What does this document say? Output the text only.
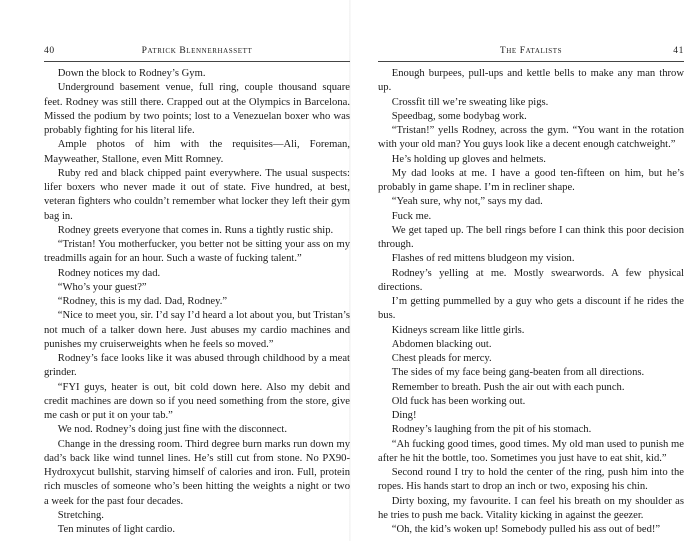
40	Patrick Blennerhassett

Down the block to Rodney’s Gym.

Underground basement venue, full ring, couple thousand square feet. Rodney was still there. Crapped out at the Olympics in Barcelona. Missed the podium by two points; lost to a Venezuelan boxer who was probably fighting for his literal life.

Ample photos of him with the requisites—Ali, Foreman, Mayweather, Stallone, even Mitt Romney.

Ruby red and black chipped paint everywhere. The usual suspects: lifer boxers who never made it out of state. Five hundred, at best, veteran fighters who couldn’t remember what locker they left their gym bag in.

Rodney greets everyone that comes in. Runs a tightly rustic ship.

“Tristan! You motherfucker, you better not be sitting your ass on my treadmills again for an hour. Such a waste of fucking talent.”

Rodney notices my dad.

“Who’s your guest?”

“Rodney, this is my dad. Dad, Rodney.”

“Nice to meet you, sir. I’d say I’d heard a lot about you, but Tristan’s not much of a talker down here. Just abuses my cardio machines and punishes my cruiserweights when he feels so moved.”

Rodney’s face looks like it was abused through childhood by a meat grinder.

“FYI guys, heater is out, bit cold down here. Also my debit and credit machines are down so if you need something from the store, give me cash or put it on your tab.”

We nod. Rodney’s doing just fine with the disconnect.

Change in the dressing room. Third degree burn marks run down my dad’s back like wind tunnel lines. He’s still cut from stone. No PX90-Hydroxycut bullshit, starving himself of calories and iron. Full, protein rich muscles of someone who’s been hitting the weights a night or two a week for the past four decades.

Stretching.

Ten minutes of light cardio.

The Fatalists	41

Enough burpees, pull-ups and kettle bells to make any man throw up.

Crossfit till we’re sweating like pigs.

Speedbag, some bodybag work.

“Tristan!” yells Rodney, across the gym. “You want in the rotation with your old man? You guys look like a decent enough catchweight.”

He’s holding up gloves and helmets.

My dad looks at me. I have a good ten-fifteen on him, but he’s probably in game shape. I’m in recliner shape.

“Yeah sure, why not,” says my dad.

Fuck me.

We get taped up. The bell rings before I can think this poor decision through.

Flashes of red mittens bludgeon my vision.

Rodney’s yelling at me. Mostly swearwords. A few physical directions.

I’m getting pummelled by a guy who gets a discount if he rides the bus.

Kidneys scream like little girls.

Abdomen blacking out.

Chest pleads for mercy.

The sides of my face being gang-beaten from all directions.

Remember to breath. Push the air out with each punch.

Old fuck has been working out.

Ding!

Rodney’s laughing from the pit of his stomach.

“Ah fucking good times, good times. My old man used to punish me after he hit the bottle, too. Sometimes you just have to eat shit, kid.”

Second round I try to hold the center of the ring, push him into the ropes. His hands start to drop an inch or two, exposing his chin.

Dirty boxing, my favourite. I can feel his breath on my shoulder as he tries to push me back. Vitality kicking in against the geezer.

“Oh, the kid’s woken up! Somebody pulled his ass out of bed!”
